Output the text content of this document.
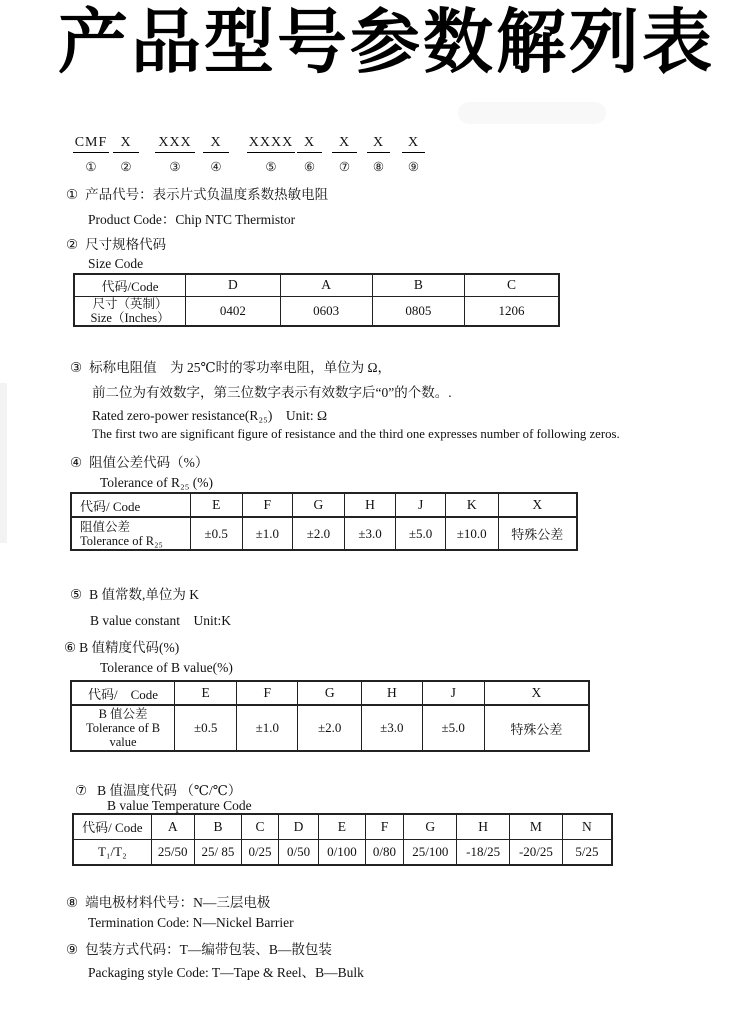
产品型号参数解列表
CMF
①
X
②
XXX
③
X
④
XXXX
⑤
X
⑥
X
⑦
X
⑧
X
⑨
① 产品代号：表示片式负温度系数热敏电阻
Product Code：Chip NTC Thermistor
② 尺寸规格代码
Size Code
代码/Code	D	A	B	C

尺寸（英制）
Size（Inches）	0402	0603	0805	1206
③ 标称电阻值　为 25℃时的零功率电阻，单位为 Ω，
前二位为有效数字，第三位数字表示有效数字后“0”的个数。.
Rated zero-power resistance(R₂₅)　Unit: Ω
The first two are significant figure of resistance and the third one expresses number of following zeros.
④ 阻值公差代码（%）
Tolerance of R₂₅ (%)
代码/ Code	E	F	G	H	J	K	X

阻值公差
Tolerance of R₂₅	±0.5	±1.0	±2.0	±3.0	±5.0	±10.0	特殊公差
⑤ B 值常数,单位为 K
B value constant　Unit:K
⑥ B 值精度代码(%)
Tolerance of B value(%)
代码/　Code	E	F	G	H	J	X

B 值公差
Tolerance of B
value	±0.5	±1.0	±2.0	±3.0	±5.0	特殊公差
⑦ B 值温度代码 （℃/℃）
B value Temperature Code
代码/ Code	A	B	C	D	E	F	G	H	M	N
T₁/T₂	25/50	25/ 85	0/25	0/50	0/100	0/80	25/100	-18/25	-20/25	5/25
⑧ 端电极材料代号：N—三层电极
Termination Code: N—Nickel Barrier
⑨ 包装方式代码：T—编带包装、B—散包装
Packaging style Code: T—Tape & Reel、B—Bulk
